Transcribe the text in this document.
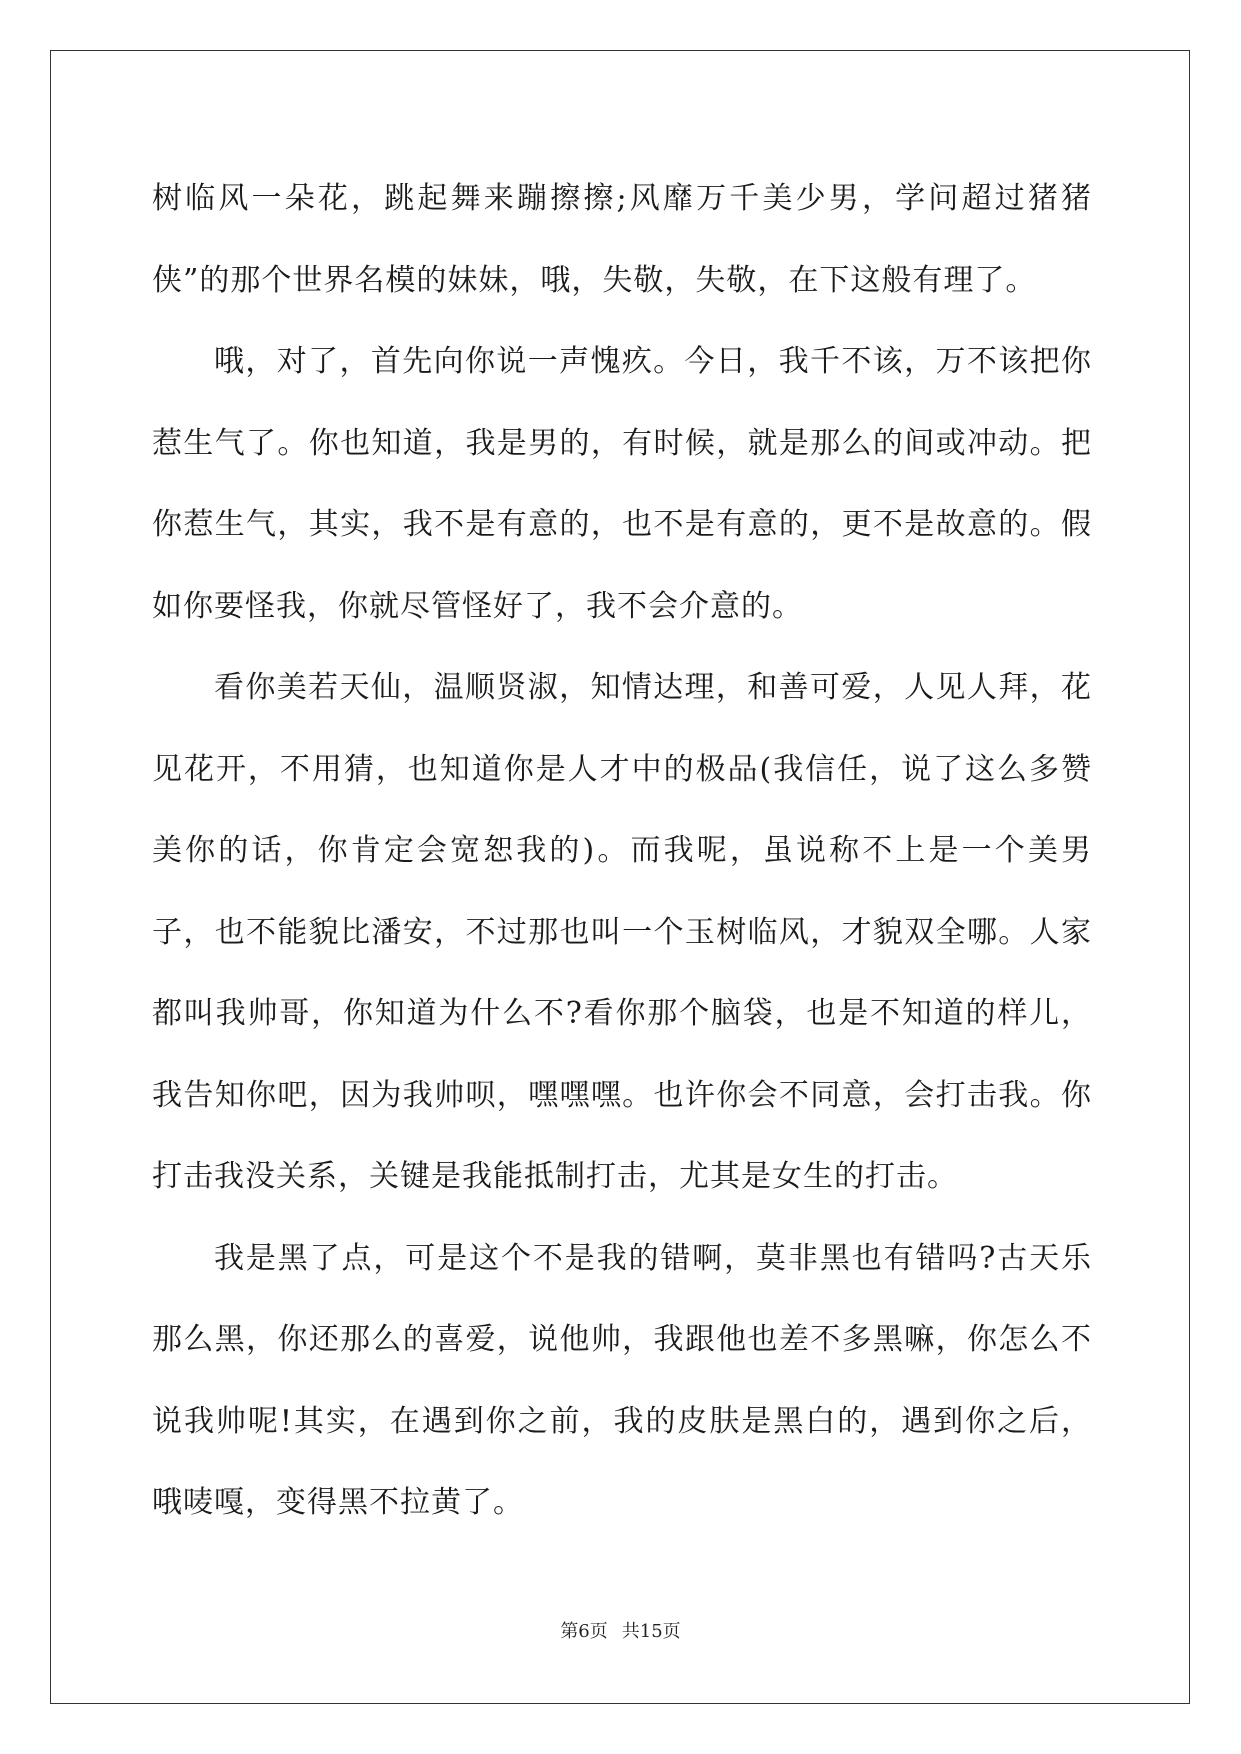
树临风一朵花，跳起舞来蹦擦擦;风靡万千美少男，学问超过猪猪侠”的那个世界名模的妹妹，哦，失敬，失敬，在下这般有理了。

哦，对了，首先向你说一声愧疚。今日，我千不该，万不该把你惹生气了。你也知道，我是男的，有时候，就是那么的间或冲动。把你惹生气，其实，我不是有意的，也不是有意的，更不是故意的。假如你要怪我，你就尽管怪好了，我不会介意的。

看你美若天仙，温顺贤淑，知情达理，和善可爱，人见人拜，花见花开，不用猜，也知道你是人才中的极品(我信任，说了这么多赞美你的话，你肯定会宽恕我的)。而我呢，虽说称不上是一个美男子，也不能貌比潘安，不过那也叫一个玉树临风，才貌双全哪。人家都叫我帅哥，你知道为什么不?看你那个脑袋，也是不知道的样儿，我告知你吧，因为我帅呗，嘿嘿嘿。也许你会不同意，会打击我。你打击我没关系，关键是我能抵制打击，尤其是女生的打击。

我是黑了点，可是这个不是我的错啊，莫非黑也有错吗?古天乐那么黑，你还那么的喜爱，说他帅，我跟他也差不多黑嘛，你怎么不说我帅呢!其实，在遇到你之前，我的皮肤是黑白的，遇到你之后，哦唛嘎，变得黑不拉黄了。

第6页 共15页
